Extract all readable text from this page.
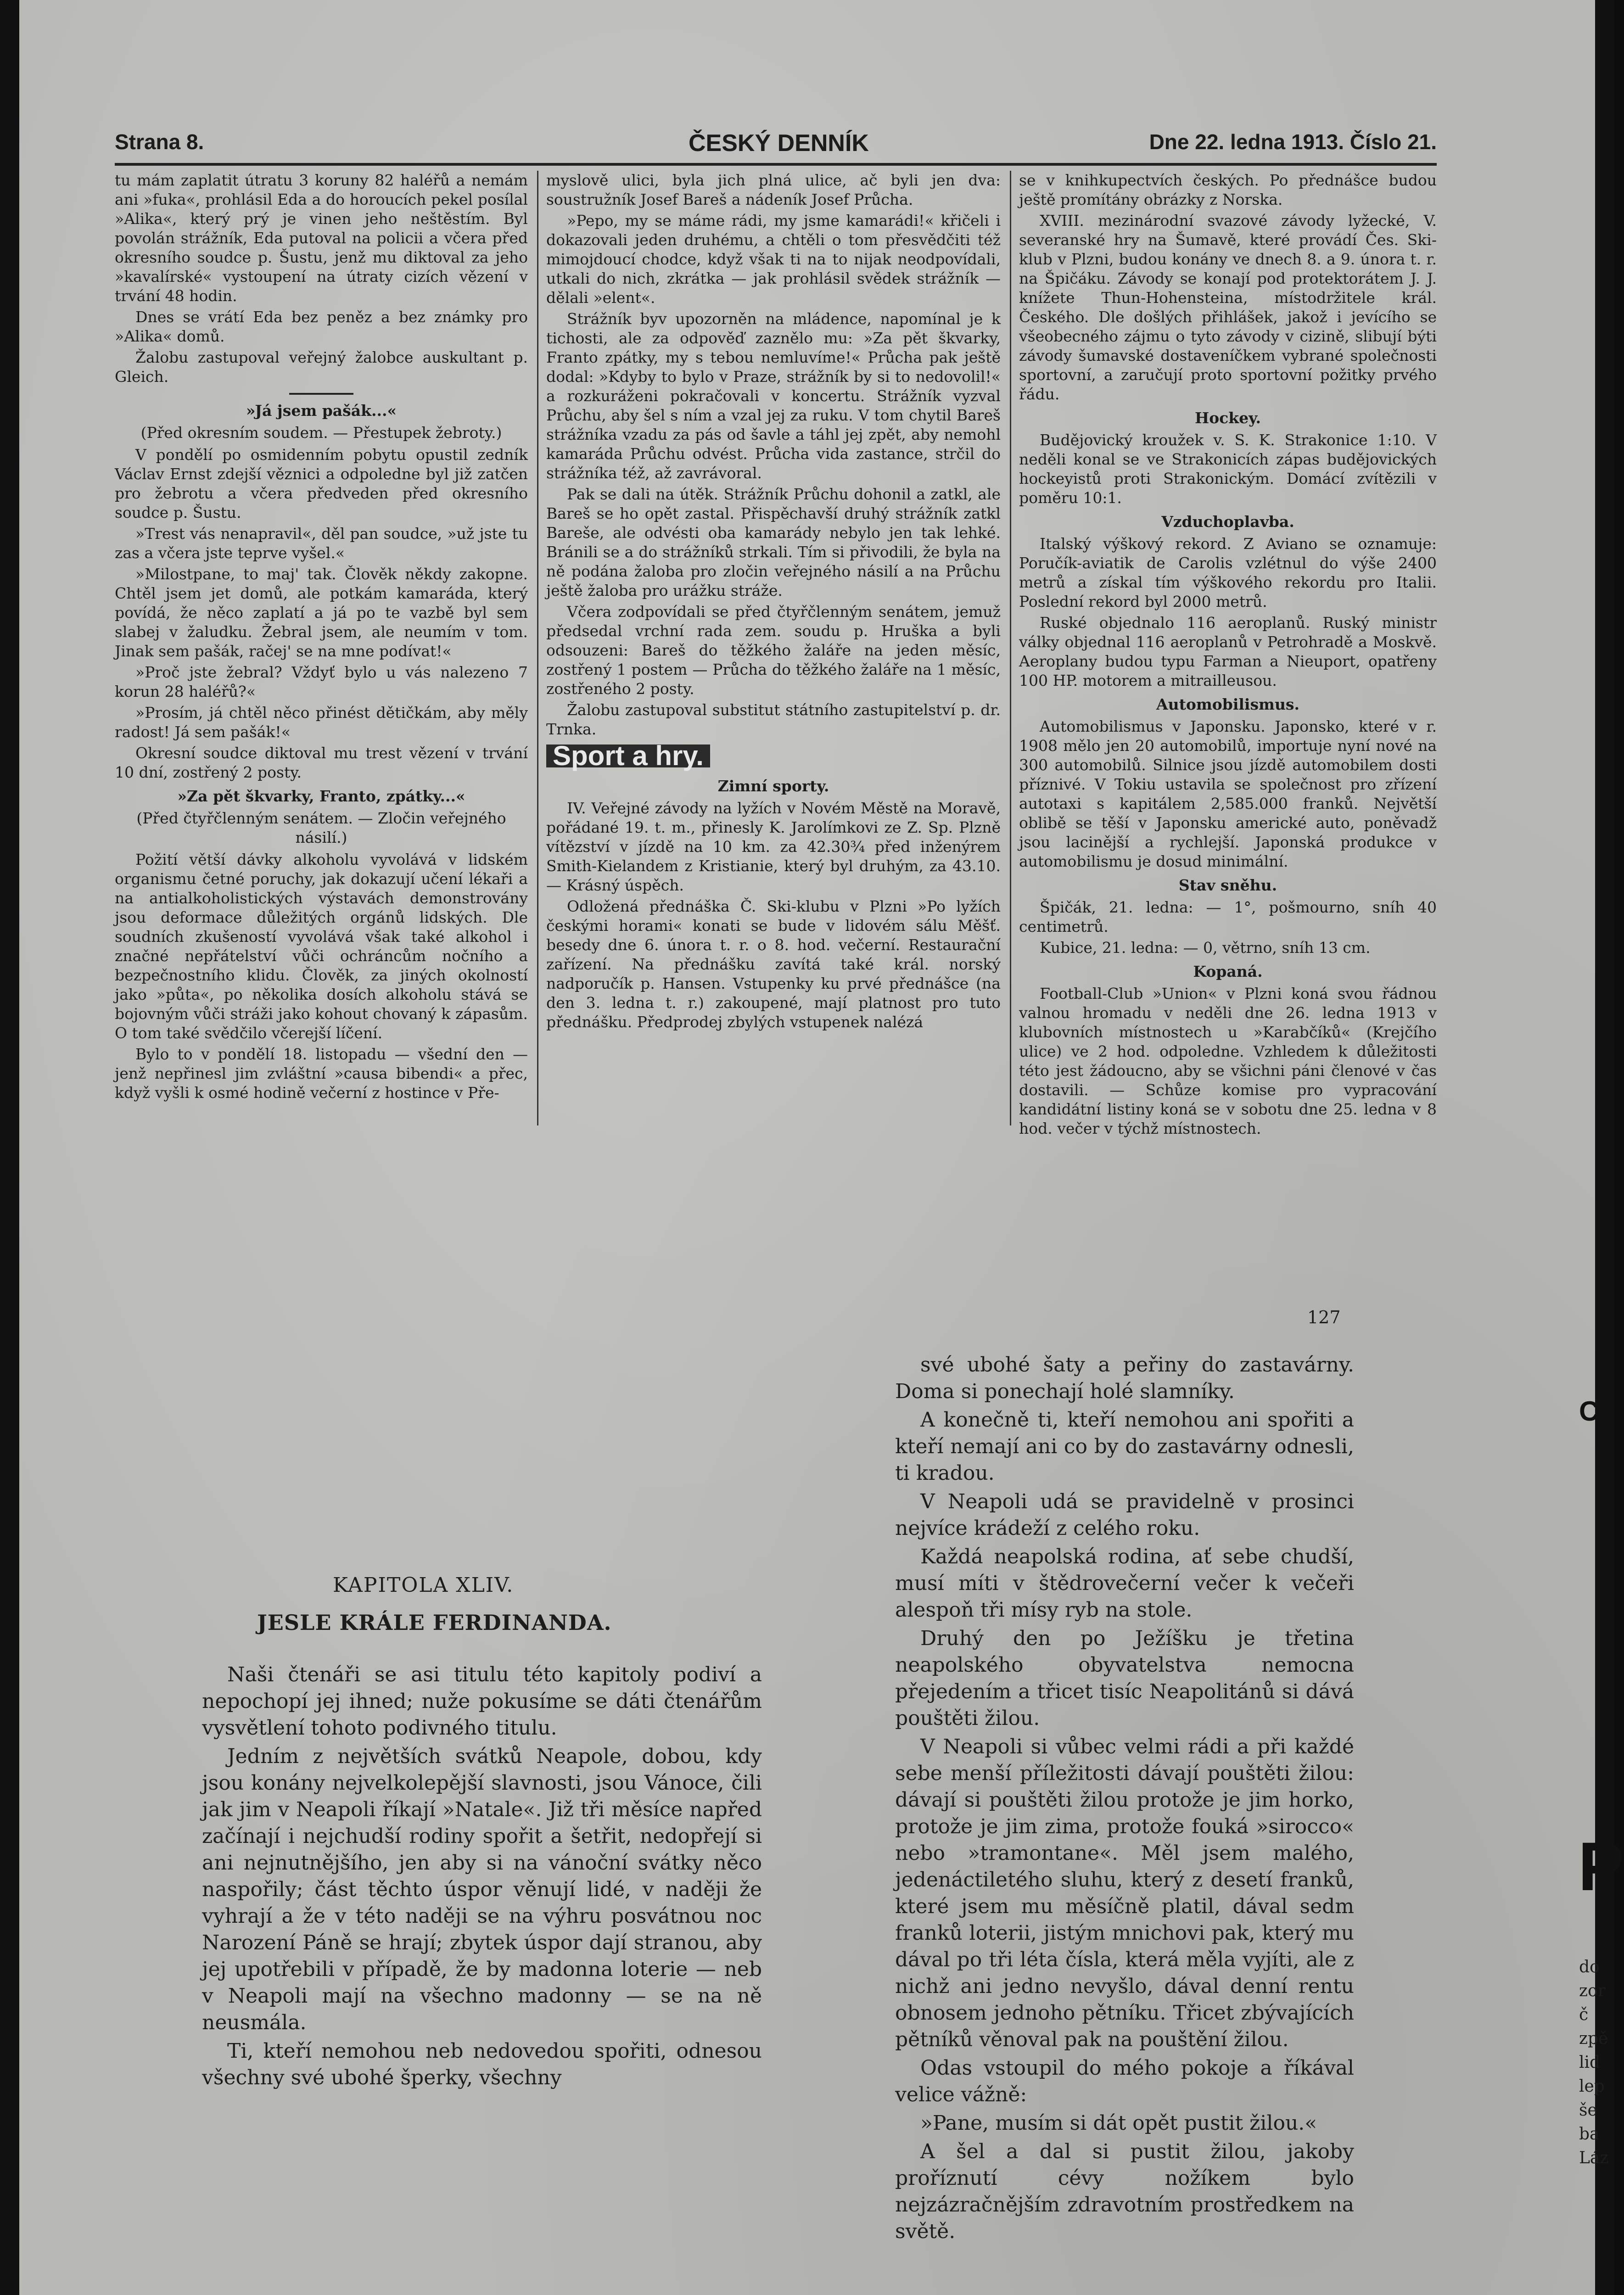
Strana 8.	ČESKÝ DENNÍK	Dne 22. ledna 1913. Číslo 21.

tu mám zaplatit útratu 3 koruny 82 haléřů a nemám ani »fuka«, prohlásil Eda a do horoucích pekel posílal »Alika«, který prý je vinen jeho neštěstím. Byl povolán strážník, Eda putoval na policii a včera před okresního soudce p. Šustu, jenž mu diktoval za jeho »kavalírské« vystoupení na útraty cizích vězení v trvání 48 hodin.

Dnes se vrátí Eda bez peněz a bez známky pro »Alika« domů.

Žalobu zastupoval veřejný žalobce auskultant p. Gleich.

»Já jsem pašák...«

(Před okresním soudem. — Přestupek žebroty.)

V pondělí po osmidenním pobytu opustil zedník Václav Ernst zdejší věznici a odpoledne byl již zatčen pro žebrotu a včera předveden před okresního soudce p. Šustu.

»Trest vás nenapravil«, děl pan soudce, »už jste tu zas a včera jste teprve vyšel.«

»Milostpane, to maj' tak. Člověk někdy zakopne. Chtěl jsem jet domů, ale potkám kamaráda, který povídá, že něco zaplatí a já po te vazbě byl sem slabej v žaludku. Žebral jsem, ale neumím v tom. Jinak sem pašák, račej' se na mne podívat!«

»Proč jste žebral? Vždyť bylo u vás nalezeno 7 korun 28 haléřů?«

»Prosím, já chtěl něco přinést dětičkám, aby měly radost! Já sem pašák!«

Okresní soudce diktoval mu trest vězení v trvání 10 dní, zostřený 2 posty.

»Za pět škvarky, Franto, zpátky...«

(Před čtyřčlenným senátem. — Zločin veřejného násilí.)

Požití větší dávky alkoholu vyvolává v lidském organismu četné poruchy, jak dokazují učení lékaři a na antialkoholistických výstavách demonstrovány jsou deformace důležitých orgánů lidských. Dle soudních zkušeností vyvolává však také alkohol i značné nepřátelství vůči ochráncům nočního a bezpečnostního klidu. Člověk, za jiných okolností jako »půta«, po několika dosích alkoholu stává se bojovným vůči stráži jako kohout chovaný k zápasům. O tom také svědčilo včerejší líčení.

Bylo to v pondělí 18. listopadu — všední den — jenž nepřinesl jim zvláštní »causa bibendi« a přec, když vyšli k osmé hodině večerní z hostince v Pře-

myslově ulici, byla jich plná ulice, ač byli jen dva: soustružník Josef Bareš a nádeník Josef Průcha.

»Pepo, my se máme rádi, my jsme kamarádi!« křičeli i dokazovali jeden druhému, a chtěli o tom přesvědčiti též mimojdoucí chodce, když však ti na to nijak neodpovídali, utkali do nich, zkrátka — jak prohlásil svědek strážník — dělali »elent«.

Strážník byv upozorněn na mládence, napomínal je k tichosti, ale za odpověď zaznělo mu: »Za pět škvarky, Franto zpátky, my s tebou nemluvíme!« Průcha pak ještě dodal: »Kdyby to bylo v Praze, strážník by si to nedovolil!« a rozkuráženi pokračovali v koncertu. Strážník vyzval Průchu, aby šel s ním a vzal jej za ruku. V tom chytil Bareš strážníka vzadu za pás od šavle a táhl jej zpět, aby nemohl kamaráda Průchu odvést. Průcha vida zastance, strčil do strážníka též, až zavrávoral.

Pak se dali na útěk. Strážník Průchu dohonil a zatkl, ale Bareš se ho opět zastal. Přispěchavší druhý strážník zatkl Bareše, ale odvésti oba kamarády nebylo jen tak lehké. Bránili se a do strážníků strkali. Tím si přivodili, že byla na ně podána žaloba pro zločin veřejného násilí a na Průchu ještě žaloba pro urážku stráže.

Včera zodpovídali se před čtyřčlenným senátem, jemuž předsedal vrchní rada zem. soudu p. Hruška a byli odsouzeni: Bareš do těžkého žaláře na jeden měsíc, zostřený 1 postem — Průcha do těžkého žaláře na 1 měsíc, zostřeného 2 posty.

Žalobu zastupoval substitut státního zastupitelství p. dr. Trnka.

Sport a hry.
Zimní sporty.

IV. Veřejné závody na lyžích v Novém Městě na Moravě, pořádané 19. t. m., přinesly K. Jarolímkovi ze Z. Sp. Plzně vítězství v jízdě na 10 km. za 42.30¾ před inženýrem Smith-Kielandem z Kristianie, který byl druhým, za 43.10. — Krásný úspěch.

Odložená přednáška Č. Ski-klubu v Plzni »Po lyžích českými horami« konati se bude v lidovém sálu Měšť. besedy dne 6. února t. r. o 8. hod. večerní. Restaurační zařízení. Na přednášku zavítá také král. norský nadporučík p. Hansen. Vstupenky ku prvé přednášce (na den 3. ledna t. r.) zakoupené, mají platnost pro tuto přednášku. Předprodej zbylých vstupenek nalézá

se v knihkupectvích českých. Po přednášce budou ještě promítány obrázky z Norska.

XVIII. mezinárodní svazové závody lyžecké, V. severanské hry na Šumavě, které provádí Čes. Ski-klub v Plzni, budou konány ve dnech 8. a 9. února t. r. na Špičáku. Závody se konají pod protektorátem J. J. knížete Thun-Hohensteina, místodržitele král. Českého. Dle došlých přihlášek, jakož i jevícího se všeobecného zájmu o tyto závody v cizině, slibují býti závody šumavské dostaveníčkem vybrané společnosti sportovní, a zaručují proto sportovní požitky prvého řádu.

Hockey.

Budějovický kroužek v. S. K. Strakonice 1:10. V neděli konal se ve Strakonicích zápas budějovických hockeyistů proti Strakonickým. Domácí zvítězili v poměru 10:1.

Vzduchoplavba.

Italský výškový rekord. Z Aviano se oznamuje: Poručík-aviatik de Carolis vzlétnul do výše 2400 metrů a získal tím výškového rekordu pro Italii. Poslední rekord byl 2000 metrů.

Ruské objednalo 116 aeroplanů. Ruský ministr války objednal 116 aeroplanů v Petrohradě a Moskvě. Aeroplany budou typu Farman a Nieuport, opatřeny 100 HP. motorem a mitrailleusou.

Automobilismus.

Automobilismus v Japonsku. Japonsko, které v r. 1908 mělo jen 20 automobilů, importuje nyní nové na 300 automobilů. Silnice jsou jízdě automobilem dosti příznivé. V Tokiu ustavila se společnost pro zřízení autotaxi s kapitálem 2,585.000 franků. Největší oblibě se těší v Japonsku americké auto, poněvadž jsou lacinější a rychlejší. Japonská produkce v automobilismu je dosud minimální.

Stav sněhu.

Špičák, 21. ledna: — 1°, pošmourno, sníh 40 centimetrů.

Kubice, 21. ledna: — 0, větrno, sníh 13 cm.

Kopaná.

Football-Club »Union« v Plzni koná svou řádnou valnou hromadu v neděli dne 26. ledna 1913 v klubovních místnostech u »Karabčíků« (Krejčího ulice) ve 2 hod. odpoledne. Vzhledem k důležitosti této jest žádoucno, aby se všichni páni členové v čas dostavili. — Schůze komise pro vypracování kandidátní listiny koná se v sobotu dne 25. ledna v 8 hod. večer v týchž místnostech.

127
KAPITOLA XLIV.
JESLE KRÁLE FERDINANDA.

Naši čtenáři se asi titulu této kapitoly podiví a nepochopí jej ihned; nuže pokusíme se dáti čtenářům vysvětlení tohoto podivného titulu.

Jedním z největších svátků Neapole, dobou, kdy jsou konány nejvelkolepější slavnosti, jsou Vánoce, čili jak jim v Neapoli říkají »Natale«. Již tři měsíce napřed začínají i nejchudší rodiny spořit a šetřit, nedopřejí si ani nejnutnějšího, jen aby si na vánoční svátky něco naspořily; část těchto úspor věnují lidé, v naději že vyhrají a že v této naději se na výhru posvátnou noc Narození Páně se hrají; zbytek úspor dají stranou, aby jej upotřebili v případě, že by madonna loterie — neb v Neapoli mají na všechno madonny — se na ně neusmála.

Ti, kteří nemohou neb nedovedou spořiti, odnesou všechny své ubohé šperky, všechny

své ubohé šaty a peřiny do zastavárny. Doma si ponechají holé slamníky.

A konečně ti, kteří nemohou ani spořiti a kteří nemají ani co by do zastavárny odnesli, ti kradou.

V Neapoli udá se pravidelně v prosinci nejvíce krádeží z celého roku.

Každá neapolská rodina, ať sebe chudší, musí míti v štědrovečerní večer k večeři alespoň tři mísy ryb na stole.

Druhý den po Ježíšku je třetina neapolského obyvatelstva nemocna přejedením a třicet tisíc Neapolitánů si dává pouštěti žilou.

V Neapoli si vůbec velmi rádi a při každé sebe menší příležitosti dávají pouštěti žilou: dávají si pouštěti žilou protože je jim horko, protože je jim zima, protože fouká »sirocco« nebo »tramontane«. Měl jsem malého, jedenáctiletého sluhu, který z desetí franků, které jsem mu měsíčně platil, dával sedm franků loterii, jistým mnichovi pak, který mu dával po tři léta čísla, která měla vyjíti, ale z nichž ani jedno nevyšlo, dával denní rentu obnosem jednoho pětníku. Třicet zbývajících pětníků věnoval pak na pouštění žilou.

Odas vstoupil do mého pokoje a říkával velice vážně:

»Pane, musím si dát opět pustit žilou.«

A šel a dal si pustit žilou, jakoby proříznutí cévy nožíkem bylo nejzázračnějším zdravotním prostředkem na světě.

C
P
do
zor
č
zpě
lid
lep
še
ba
Láz
